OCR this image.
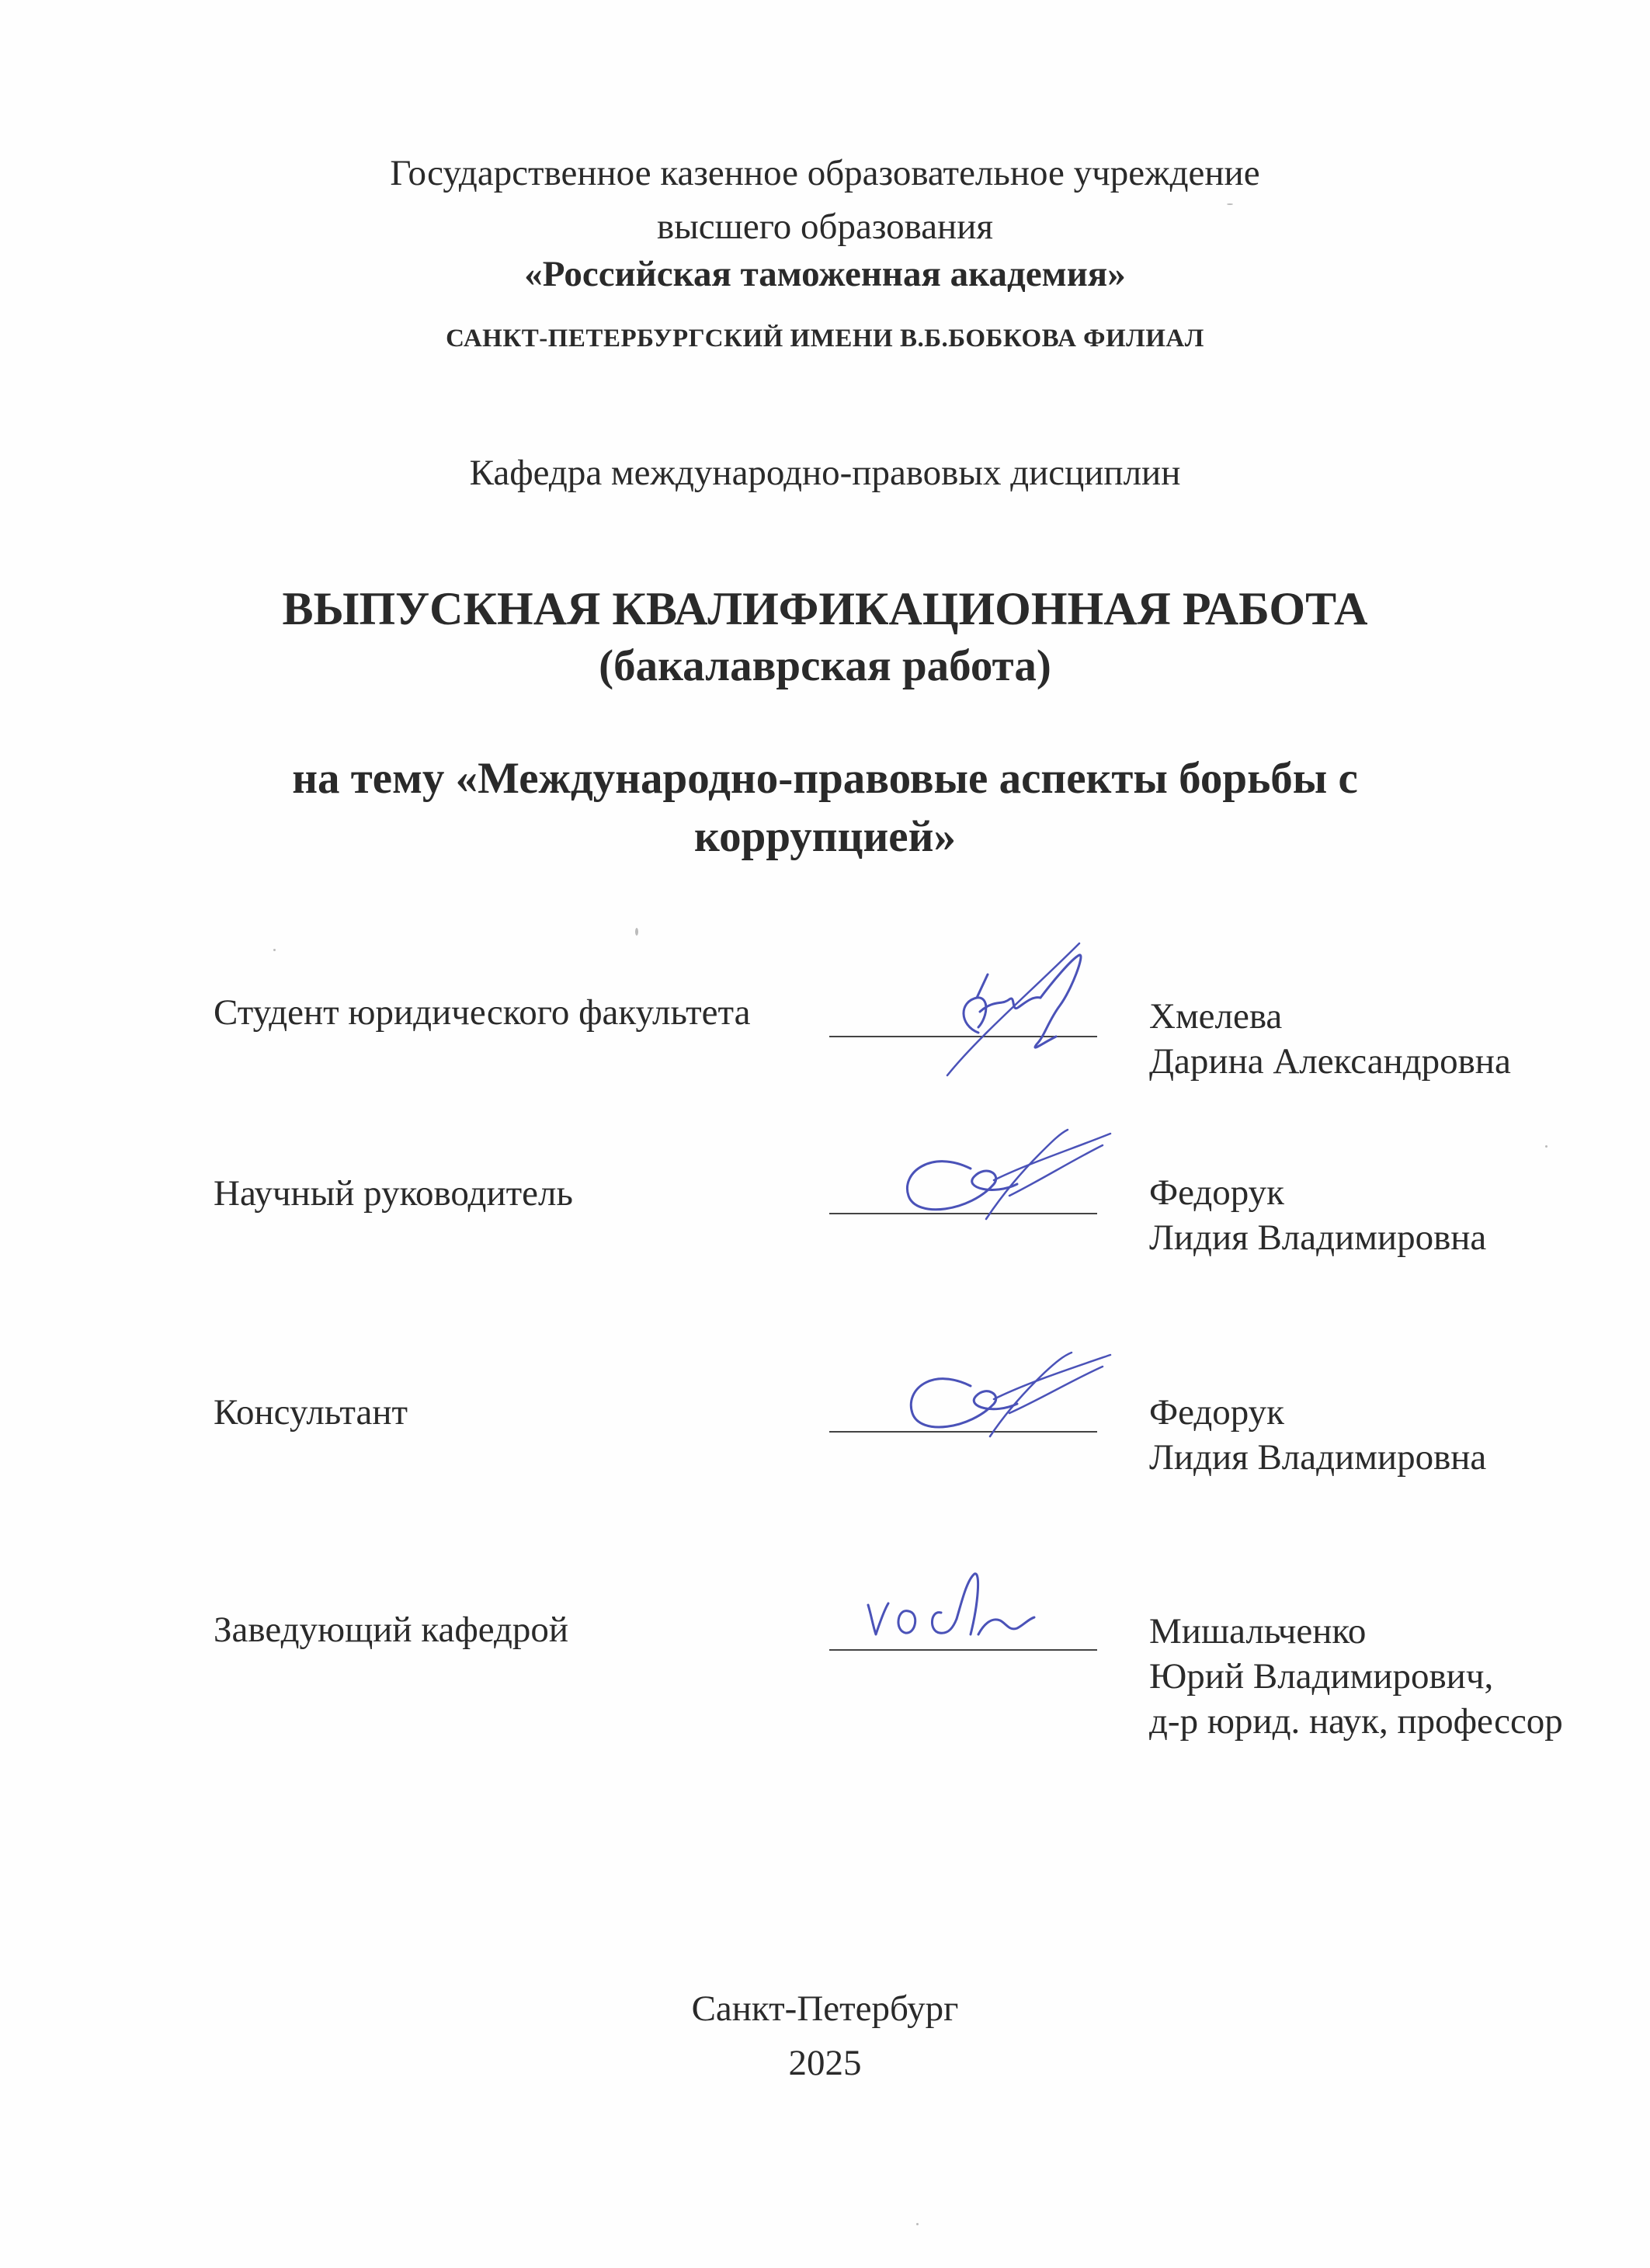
Государственное казенное образовательное учреждение
высшего образования
«Российская таможенная академия»
САНКТ-ПЕТЕРБУРГСКИЙ ИМЕНИ В.Б.БОБКОВА ФИЛИАЛ
Кафедра международно-правовых дисциплин
ВЫПУСКНАЯ КВАЛИФИКАЦИОННАЯ РАБОТА
(бакалаврская работа)
на тему «Международно-правовые аспекты борьбы с
коррупцией»
Студент юридического факультета	Хмелева
Дарина Александровна
Научный руководитель	Федорук
Лидия Владимировна
Консультант	Федорук
Лидия Владимировна
Заведующий кафедрой	Мишальченко
Юрий Владимирович,
д-р юрид. наук, профессор
Санкт-Петербург
2025
